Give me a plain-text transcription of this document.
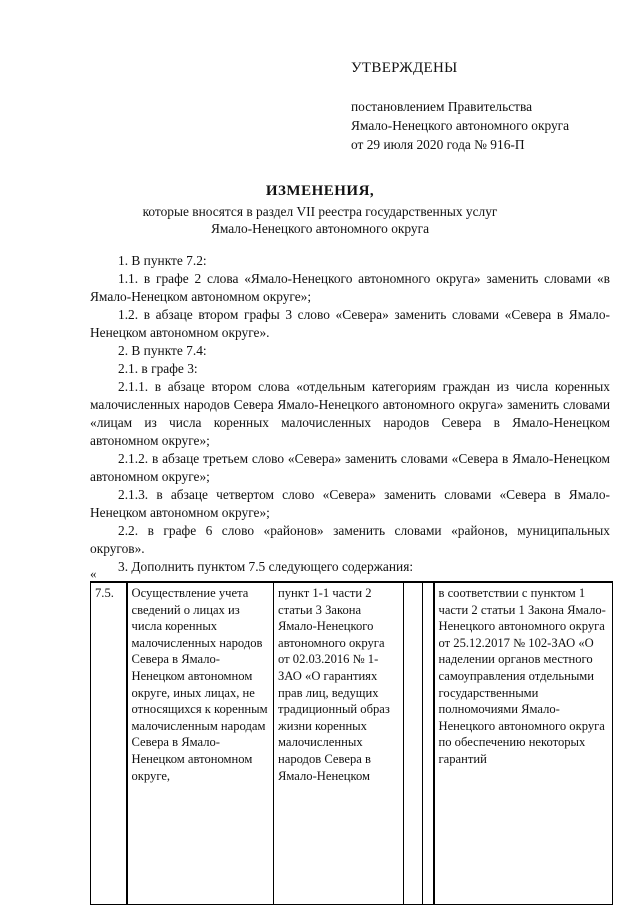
УТВЕРЖДЕНЫ
постановлением Правительства
Ямало-Ненецкого автономного округа
от 29 июля 2020 года № 916-П
ИЗМЕНЕНИЯ,
которые вносятся в раздел VII реестра государственных услуг
Ямало-Ненецкого автономного округа

1. В пункте 7.2:

1.1. в графе 2 слова «Ямало-Ненецкого автономного округа» заменить словами «в Ямало-Ненецком автономном округе»;

1.2. в абзаце втором графы 3 слово «Севера» заменить словами «Севера в Ямало-Ненецком автономном округе».

2. В пункте 7.4:

2.1. в графе 3:

2.1.1. в абзаце втором слова «отдельным категориям граждан из числа коренных малочисленных народов Севера Ямало-Ненецкого автономного округа» заменить словами «лицам из числа коренных малочисленных народов Севера в Ямало-Ненецком автономном округе»;

2.1.2. в абзаце третьем слово «Севера» заменить словами «Севера в Ямало-Ненецком автономном округе»;

2.1.3. в абзаце четвертом слово «Севера» заменить словами «Севера в Ямало-Ненецком автономном округе»;

2.2. в графе 6 слово «районов» заменить словами «районов, муниципальных округов».

3. Дополнить пунктом 7.5 следующего содержания:

«
7.5.	Осуществление учета сведений о лицах из числа коренных малочисленных народов Севера в Ямало-Ненецком автономном округе, иных лицах, не относящихся к коренным малочисленным народам Севера в Ямало-Ненецком автономном округе,	пункт 1-1 части 2 статьи 3 Закона Ямало-Ненецкого автономного округа от 02.03.2016 № 1-ЗАО «О гарантиях прав лиц, ведущих традиционный образ жизни коренных малочисленных народов Севера в Ямало-Ненецком			в соответствии с пунктом 1 части 2 статьи 1 Закона Ямало-Ненецкого автономного округа от 25.12.2017 № 102-ЗАО «О наделении органов местного самоуправления отдельными государственными полномочиями Ямало-Ненецкого автономного округа по обеспечению некоторых гарантий
